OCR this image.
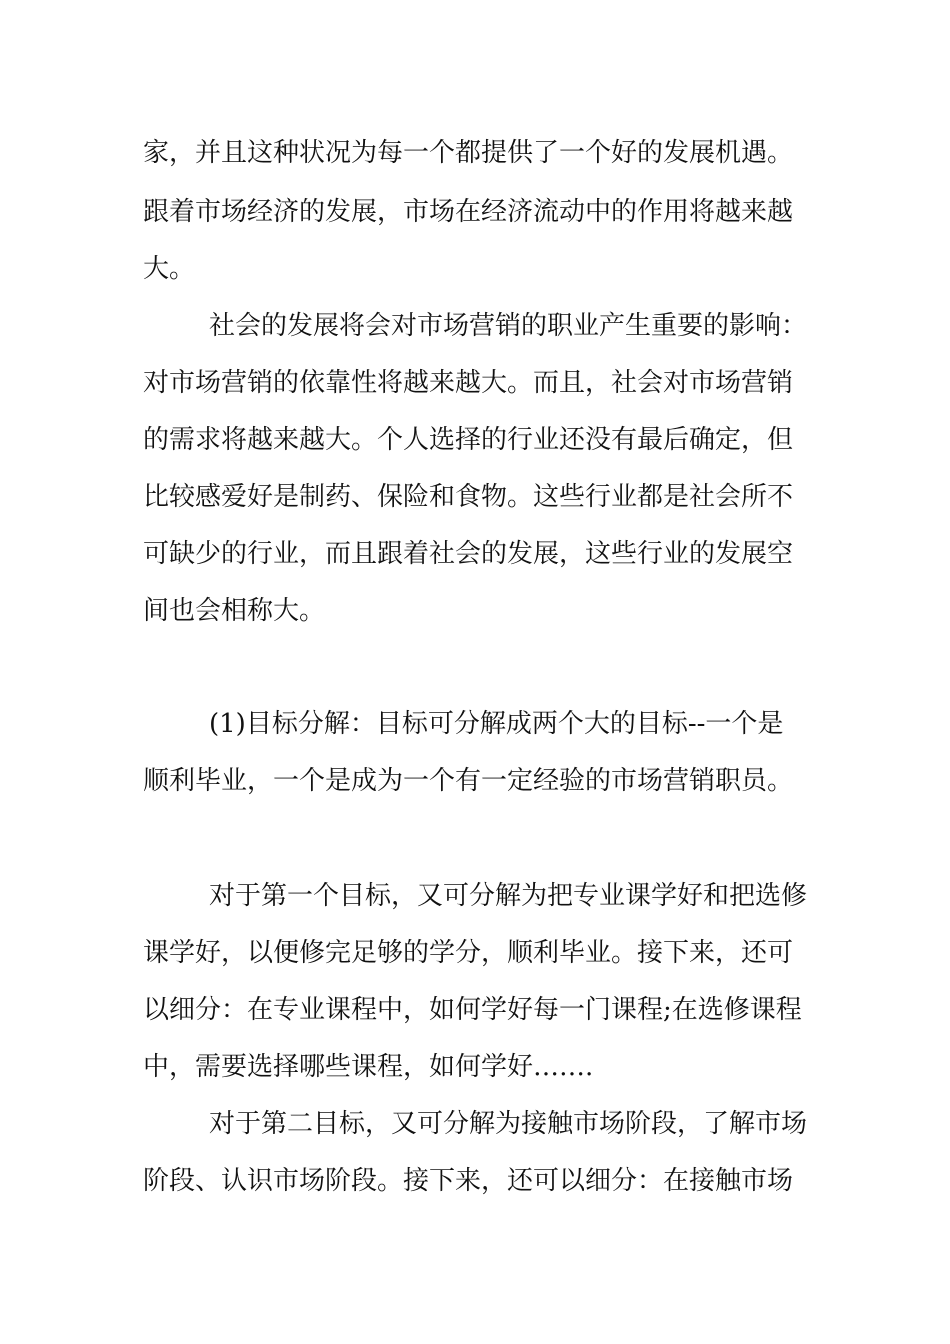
家，并且这种状况为每一个都提供了一个好的发展机遇。
跟着市场经济的发展，市场在经济流动中的作用将越来越
大。
社会的发展将会对市场营销的职业产生重要的影响：
对市场营销的依靠性将越来越大。而且，社会对市场营销
的需求将越来越大。个人选择的行业还没有最后确定，但
比较感爱好是制药、保险和食物。这些行业都是社会所不
可缺少的行业，而且跟着社会的发展，这些行业的发展空
间也会相称大。
(1)目标分解：目标可分解成两个大的目标--一个是
顺利毕业，一个是成为一个有一定经验的市场营销职员。
对于第一个目标，又可分解为把专业课学好和把选修
课学好，以便修完足够的学分，顺利毕业。接下来，还可
以细分：在专业课程中，如何学好每一门课程;在选修课程
中，需要选择哪些课程，如何学好…….
对于第二目标，又可分解为接触市场阶段，了解市场
阶段、认识市场阶段。接下来，还可以细分：在接触市场
